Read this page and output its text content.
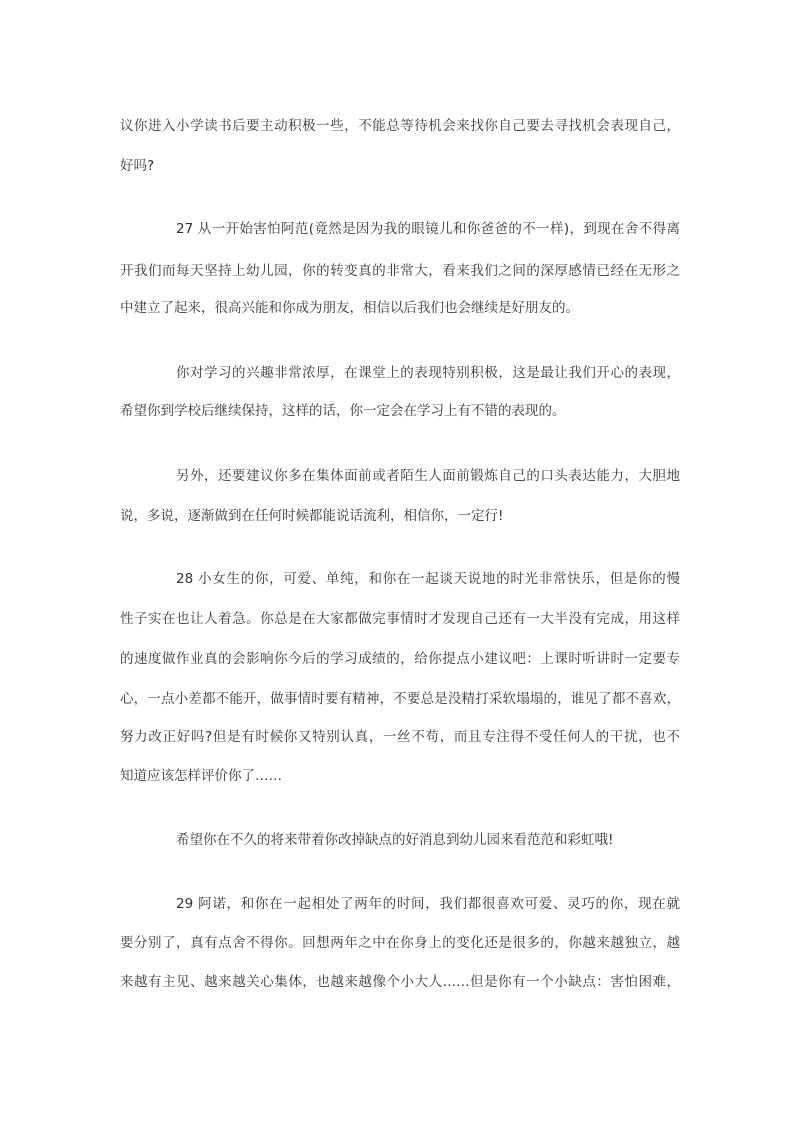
议你进入小学读书后要主动积极一些，不能总等待机会来找你自己要去寻找机会表现自己，
好吗?
27 从一开始害怕阿范(竟然是因为我的眼镜儿和你爸爸的不一样)，到现在舍不得离
开我们而每天坚持上幼儿园，你的转变真的非常大，看来我们之间的深厚感情已经在无形之
中建立了起来，很高兴能和你成为朋友，相信以后我们也会继续是好朋友的。
你对学习的兴趣非常浓厚，在课堂上的表现特别积极，这是最让我们开心的表现，
希望你到学校后继续保持，这样的话，你一定会在学习上有不错的表现的。
另外，还要建议你多在集体面前或者陌生人面前锻炼自己的口头表达能力，大胆地
说，多说，逐渐做到在任何时候都能说话流利，相信你，一定行!
28 小女生的你，可爱、单纯，和你在一起谈天说地的时光非常快乐，但是你的慢
性子实在也让人着急。你总是在大家都做完事情时才发现自己还有一大半没有完成，用这样
的速度做作业真的会影响你今后的学习成绩的，给你提点小建议吧：上课时听讲时一定要专
心，一点小差都不能开，做事情时要有精神，不要总是没精打采软塌塌的，谁见了都不喜欢，
努力改正好吗?但是有时候你又特别认真，一丝不苟，而且专注得不受任何人的干扰，也不
知道应该怎样评价你了……
希望你在不久的将来带着你改掉缺点的好消息到幼儿园来看范范和彩虹哦!
29 阿诺，和你在一起相处了两年的时间，我们都很喜欢可爱、灵巧的你，现在就
要分别了，真有点舍不得你。回想两年之中在你身上的变化还是很多的，你越来越独立，越
来越有主见、越来越关心集体，也越来越像个小大人……但是你有一个小缺点：害怕困难，
